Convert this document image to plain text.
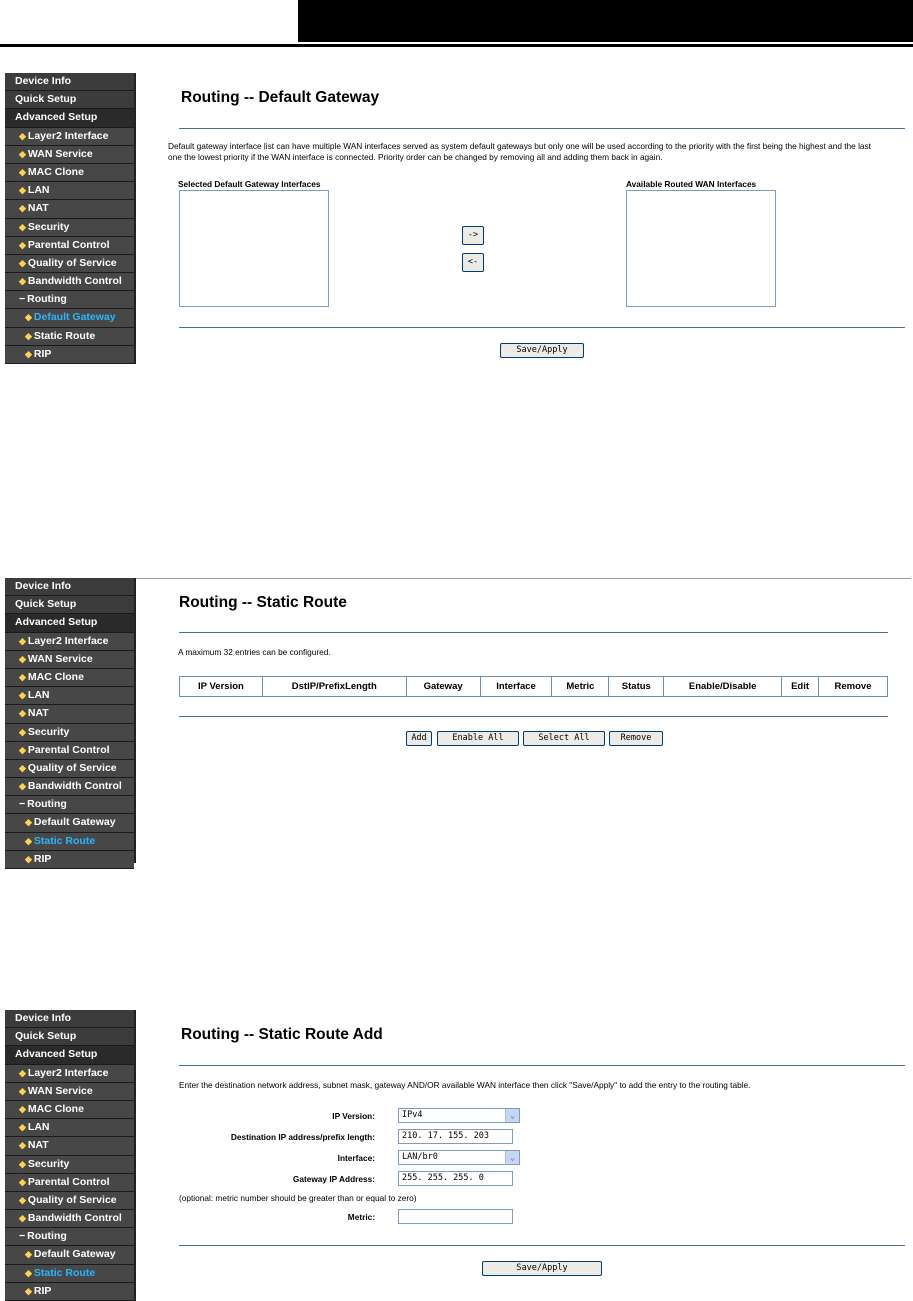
Device Info
Quick Setup
Advanced Setup
◆ Layer2 Interface
◆ WAN Service
◆ MAC Clone
◆ LAN
◆ NAT
◆ Security
◆ Parental Control
◆ Quality of Service
◆ Bandwidth Control
− Routing
◆ Default Gateway
◆ Static Route
◆ RIP
Routing -- Default Gateway
Default gateway interface list can have multiple WAN interfaces served as system default gateways but only one will be used according to the priority with the first being the highest and the last one the lowest priority if the WAN interface is connected. Priority order can be changed by removing all and adding them back in again.
Selected Default Gateway Interfaces	Available Routed WAN Interfaces
->
<-
Save/Apply
Device Info
Quick Setup
Advanced Setup
◆ Layer2 Interface
◆ WAN Service
◆ MAC Clone
◆ LAN
◆ NAT
◆ Security
◆ Parental Control
◆ Quality of Service
◆ Bandwidth Control
− Routing
◆ Default Gateway
◆ Static Route
◆ RIP
Routing -- Static Route
A maximum 32 entries can be configured.
IP Version	DstIP/PrefixLength	Gateway	Interface	Metric	Status	Enable/Disable	Edit	Remove
Add	Enable All	Select All	Remove
Device Info
Quick Setup
Advanced Setup
◆ Layer2 Interface
◆ WAN Service
◆ MAC Clone
◆ LAN
◆ NAT
◆ Security
◆ Parental Control
◆ Quality of Service
◆ Bandwidth Control
− Routing
◆ Default Gateway
◆ Static Route
◆ RIP
Routing -- Static Route Add
Enter the destination network address, subnet mask, gateway AND/OR available WAN interface then click "Save/Apply" to add the entry to the routing table.
IP Version:	IPv4	⌄
Destination IP address/prefix length:	210. 17. 155. 203
Interface:	LAN/br0	⌄
Gateway IP Address:	255. 255. 255. 0
(optional: metric number should be greater than or equal to zero)
Metric:
Save/Apply
